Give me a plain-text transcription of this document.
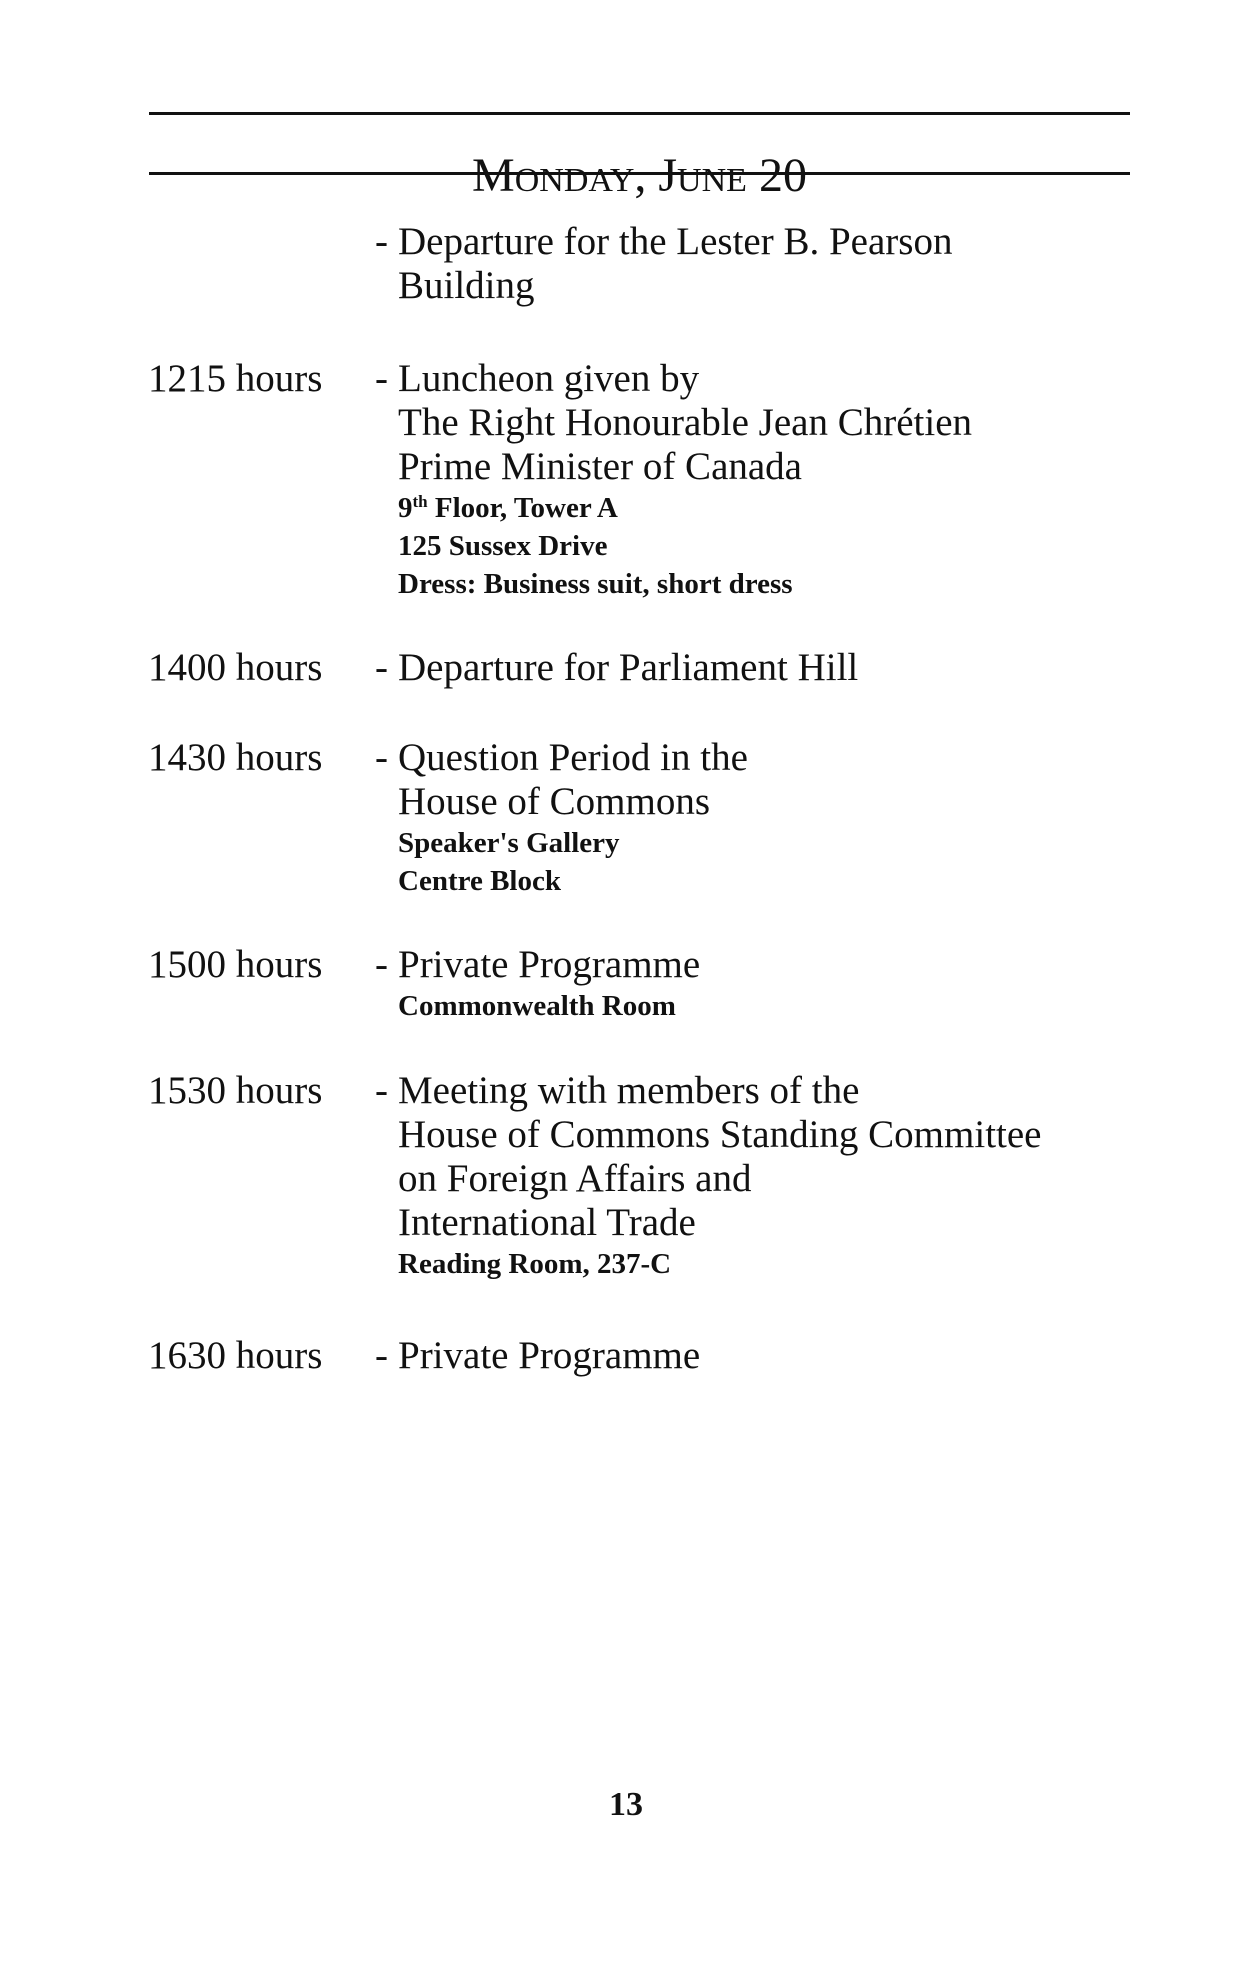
Monday, June 20
- Departure for the Lester B. Pearson
Building
1215 hours - Luncheon given by
The Right Honourable Jean Chrétien
Prime Minister of Canada
9th Floor, Tower A
125 Sussex Drive
Dress: Business suit, short dress
1400 hours - Departure for Parliament Hill
1430 hours - Question Period in the
House of Commons
Speaker's Gallery
Centre Block
1500 hours - Private Programme
Commonwealth Room
1530 hours - Meeting with members of the
House of Commons Standing Committee
on Foreign Affairs and
International Trade
Reading Room, 237-C
1630 hours - Private Programme
13
